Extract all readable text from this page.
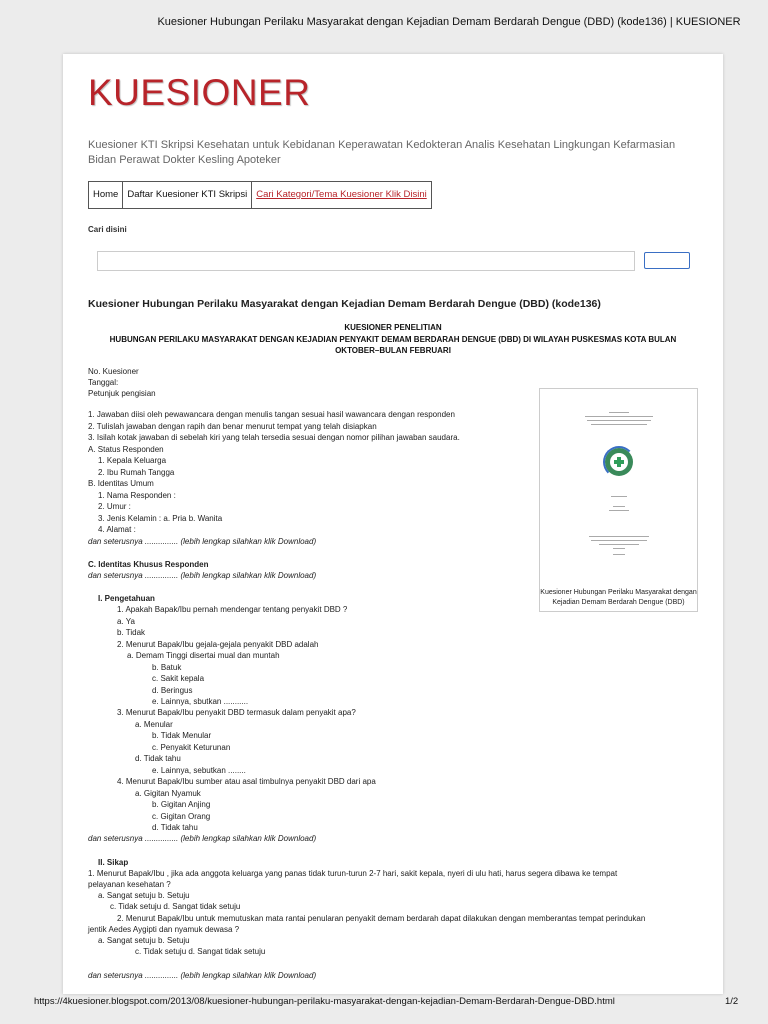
Kuesioner Hubungan Perilaku Masyarakat dengan Kejadian Demam Berdarah Dengue (DBD) (kode136) | KUESIONER
KUESIONER
Kuesioner KTI Skripsi Kesehatan untuk Kebidanan Keperawatan Kedokteran Analis Kesehatan Lingkungan Kefarmasian Bidan Perawat Dokter Kesling Apoteker
Home Daftar Kuesioner KTI Skripsi Cari Kategori/Tema Kuesioner Klik Disini
Cari disini
Kuesioner Hubungan Perilaku Masyarakat dengan Kejadian Demam Berdarah Dengue (DBD) (kode136)
KUESIONER PENELITIAN
HUBUNGAN PERILAKU MASYARAKAT DENGAN KEJADIAN PENYAKIT DEMAM BERDARAH DENGUE (DBD) DI WILAYAH PUSKESMAS KOTA BULAN
OKTOBER–BULAN FEBRUARI
No. Kuesioner
Tanggal:
Petunjuk pengisian
1. Jawaban diisi oleh pewawancara dengan menulis tangan sesuai hasil wawancara dengan responden
2. Tulislah jawaban dengan rapih dan benar menurut tempat yang telah disiapkan
3. Isilah kotak jawaban di sebelah kiri yang telah tersedia sesuai dengan nomor pilihan jawaban saudara.
A. Status Responden
1. Kepala Keluarga
2. Ibu Rumah Tangga
B. Identitas Umum
1. Nama Responden :
2. Umur :
3. Jenis Kelamin : a. Pria b. Wanita
4. Alamat :
dan seterusnya ............... (lebih lengkap silahkan klik Download)
C. Identitas Khusus Responden
dan seterusnya ............... (lebih lengkap silahkan klik Download)
I. Pengetahuan
1. Apakah Bapak/Ibu pernah mendengar tentang penyakit DBD ?
a. Ya
b. Tidak
2. Menurut Bapak/Ibu gejala-gejala penyakit DBD adalah
a. Demam Tinggi disertai mual dan muntah
b. Batuk
c. Sakit kepala
d. Beringus
e. Lainnya, sbutkan ...........
3. Menurut Bapak/Ibu penyakit DBD termasuk dalam penyakit apa?
a. Menular
b. Tidak Menular
c. Penyakit Keturunan
d. Tidak tahu
e. Lainnya, sebutkan ........
4. Menurut Bapak/Ibu sumber atau asal timbulnya penyakit DBD dari apa
a. Gigitan Nyamuk
b. Gigitan Anjing
c. Gigitan Orang
d. Tidak tahu
dan seterusnya ............... (lebih lengkap silahkan klik Download)
II. Sikap
1. Menurut Bapak/Ibu , jika ada anggota keluarga yang panas tidak turun-turun 2-7 hari, sakit kepala, nyeri di ulu hati, harus segera dibawa ke tempat
pelayanan kesehatan ?
a. Sangat setuju b. Setuju
c. Tidak setuju d. Sangat tidak setuju
2. Menurut Bapak/Ibu untuk memutuskan mata rantai penularan penyakit demam berdarah dapat dilakukan dengan memberantas tempat perindukan
jentik Aedes Aygipti dan nyamuk dewasa ?
a. Sangat setuju b. Setuju
c. Tidak setuju d. Sangat tidak setuju
dan seterusnya ............... (lebih lengkap silahkan klik Download)
Kuesioner Hubungan Perilaku Masyarakat dengan Kejadian Demam Berdarah Dengue (DBD)
https://4kuesioner.blogspot.com/2013/08/kuesioner-hubungan-perilaku-masyarakat-dengan-kejadian-Demam-Berdarah-Dengue-DBD.html	1/2
